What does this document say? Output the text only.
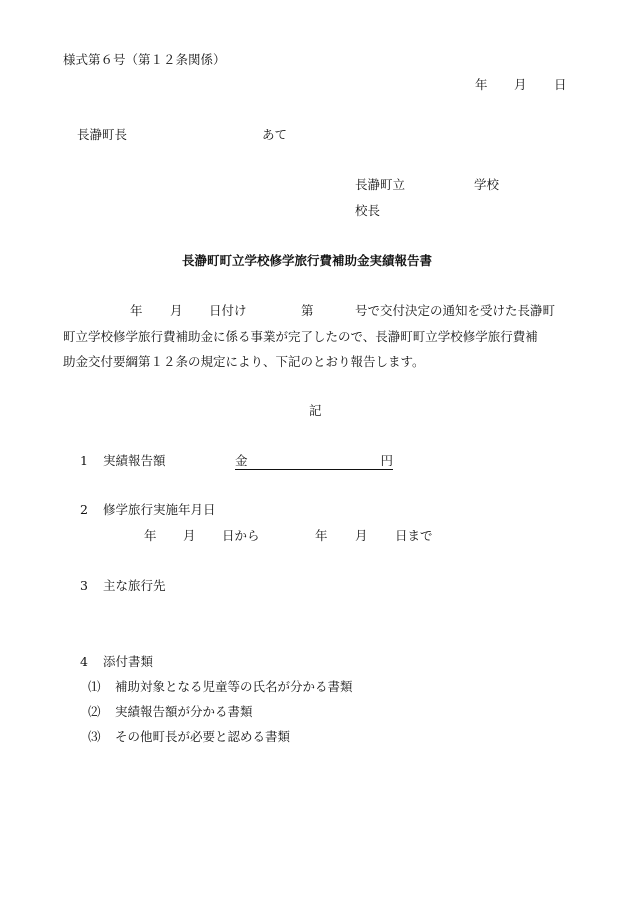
様式第６号（第１２条関係）
年 月 日
長瀞町長	あて
長瀞町立	学校
校長
長瀞町町立学校修学旅行費補助金実績報告書
年 月 日付け	第	号で交付決定の通知を受けた長瀞町
町立学校修学旅行費補助金に係る事業が完了したので、長瀞町町立学校修学旅行費補
助金交付要綱第１２条の規定により、下記のとおり報告します。
記
1 実績報告額	金	円
2 修学旅行実施年月日
年 月 日から	年 月 日まで
3 主な旅行先
4 添付書類
⑴ 補助対象となる児童等の氏名が分かる書類
⑵ 実績報告額が分かる書類
⑶ その他町長が必要と認める書類
